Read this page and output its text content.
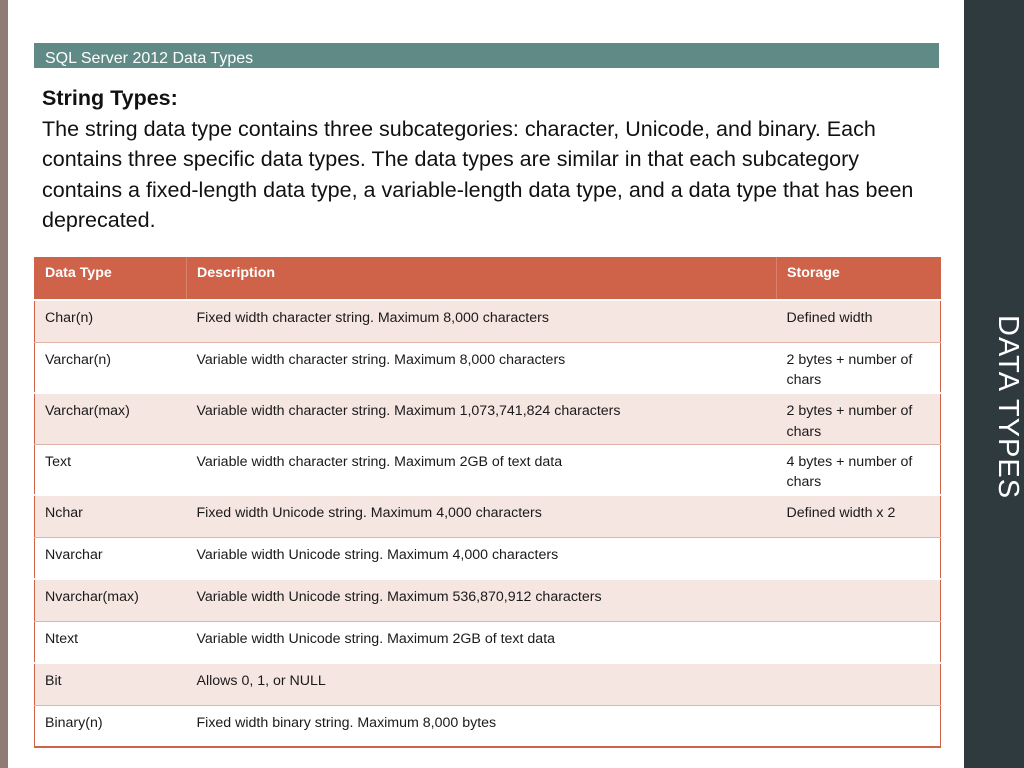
DATA TYPES
SQL Server 2012 Data Types
String Types:
The string data type contains three subcategories: character, Unicode, and binary. Each contains three specific data types. The data types are similar in that each subcategory contains a fixed-length data type, a variable-length data type, and a data type that has been deprecated.
Data Type	Description	Storage
Char(n)	Fixed width character string. Maximum 8,000 characters	Defined width
Varchar(n)	Variable width character string. Maximum 8,000 characters	2 bytes + number of chars
Varchar(max)	Variable width character string. Maximum 1,073,741,824 characters	2 bytes + number of chars
Text	Variable width character string. Maximum 2GB of text data	4 bytes + number of chars
Nchar	Fixed width Unicode string. Maximum 4,000 characters	Defined width x 2
Nvarchar	Variable width Unicode string. Maximum 4,000 characters	
Nvarchar(max)	Variable width Unicode string. Maximum 536,870,912 characters	
Ntext	Variable width Unicode string. Maximum 2GB of text data	
Bit	Allows 0, 1, or NULL	
Binary(n)	Fixed width binary string. Maximum 8,000 bytes	
